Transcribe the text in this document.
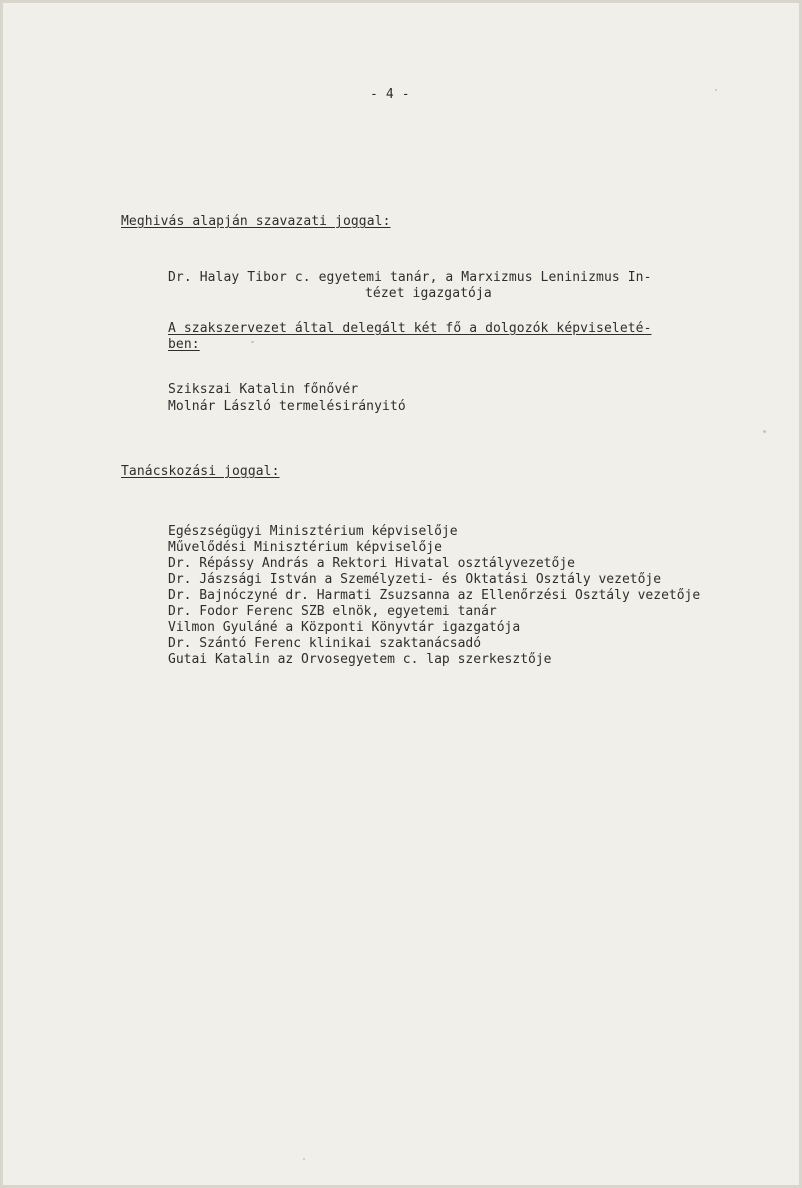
- 4 -
Meghivás alapján szavazati joggal:
Dr. Halay Tibor c. egyetemi tanár, a Marxizmus Leninizmus In-
tézet igazgatója
A szakszervezet által delegált két fő a dolgozók képviseleté-
ben:
Szikszai Katalin főnővér
Molnár László termelésirányitó
Tanácskozási joggal:
Egészségügyi Minisztérium képviselője
Művelődési Minisztérium képviselője
Dr. Répássy András a Rektori Hivatal osztályvezetője
Dr. Jászsági István a Személyzeti- és Oktatási Osztály vezetője
Dr. Bajnóczyné dr. Harmati Zsuzsanna az Ellenőrzési Osztály vezetője
Dr. Fodor Ferenc SZB elnök, egyetemi tanár
Vilmon Gyuláné a Központi Könyvtár igazgatója
Dr. Szántó Ferenc klinikai szaktanácsadó
Gutai Katalin az Orvosegyetem c. lap szerkesztője
